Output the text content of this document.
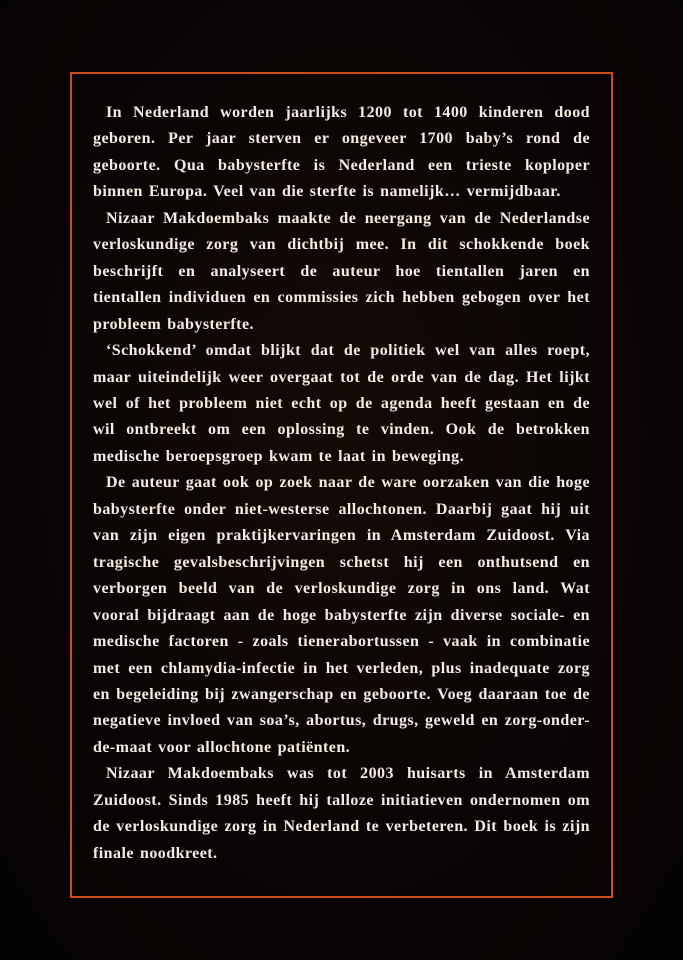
In Nederland worden jaarlijks 1200 tot 1400 kinderen dood geboren. Per jaar sterven er ongeveer 1700 baby’s rond de geboorte. Qua babysterfte is Nederland een trieste koploper binnen Europa. Veel van die sterfte is namelijk… vermijdbaar.

Nizaar Makdoembaks maakte de neergang van de Nederlandse verloskundige zorg van dichtbij mee. In dit schokkende boek beschrijft en analyseert de auteur hoe tientallen jaren en tientallen individuen en commissies zich hebben gebogen over het probleem babysterfte.

‘Schokkend’ omdat blijkt dat de politiek wel van alles roept, maar uiteindelijk weer overgaat tot de orde van de dag. Het lijkt wel of het probleem niet echt op de agenda heeft gestaan en de wil ontbreekt om een oplossing te vinden. Ook de betrokken medische beroepsgroep kwam te laat in beweging.

De auteur gaat ook op zoek naar de ware oorzaken van die hoge babysterfte onder niet-westerse allochtonen. Daarbij gaat hij uit van zijn eigen praktijkervaringen in Amsterdam Zuidoost. Via tragische gevalsbeschrijvingen schetst hij een onthutsend en verborgen beeld van de verloskundige zorg in ons land. Wat vooral bijdraagt aan de hoge babysterfte zijn diverse sociale- en medische factoren - zoals tienerabortussen - vaak in combinatie met een chlamydia-infectie in het verleden, plus inadequate zorg en begeleiding bij zwangerschap en geboorte. Voeg daaraan toe de negatieve invloed van soa’s, abortus, drugs, geweld en zorg-onder-de-maat voor allochtone patiënten.

Nizaar Makdoembaks was tot 2003 huisarts in Amsterdam Zuidoost. Sinds 1985 heeft hij talloze initiatieven ondernomen om de verloskundige zorg in Nederland te verbeteren. Dit boek is zijn finale noodkreet.
